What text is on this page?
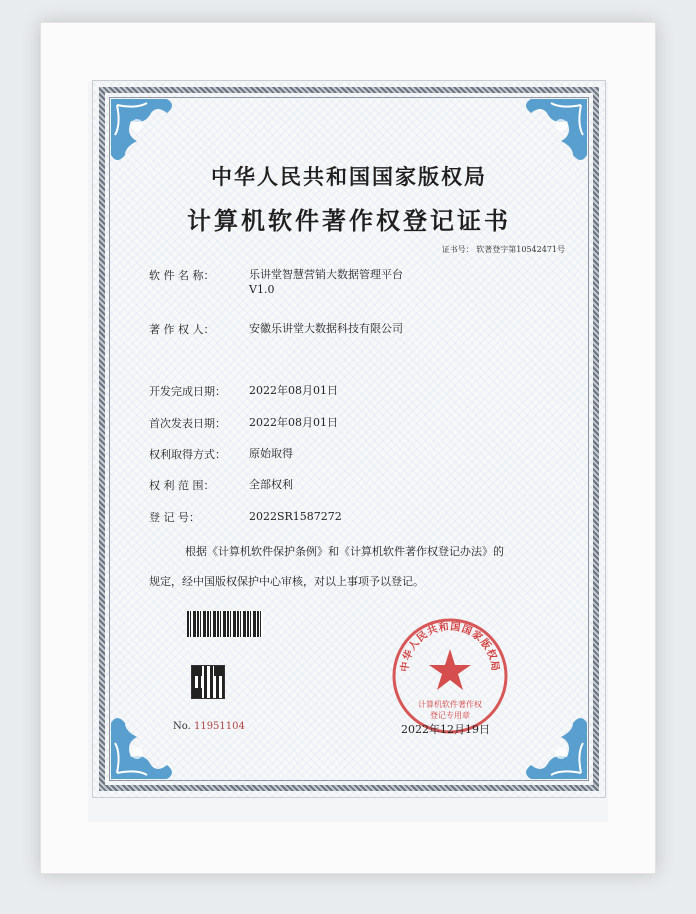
中华人民共和国国家版权局
计算机软件著作权登记证书
证书号： 软著登字第10542471号
软 件 名 称：	乐讲堂智慧营销大数据管理平台
V1.0
著 作 权 人：	安徽乐讲堂大数据科技有限公司
开发完成日期： 2022年08月01日
首次发表日期： 2022年08月01日
权利取得方式： 原始取得
权 利 范 围：	全部权利
登 记 号：	2022SR1587272
根据《计算机软件保护条例》和《计算机软件著作权登记办法》的
规定，经中国版权保护中心审核，对以上事项予以登记。
No. 11951104
中华人民共和国国家版权局
计算机软件著作权
登记专用章
2022年12月19日
